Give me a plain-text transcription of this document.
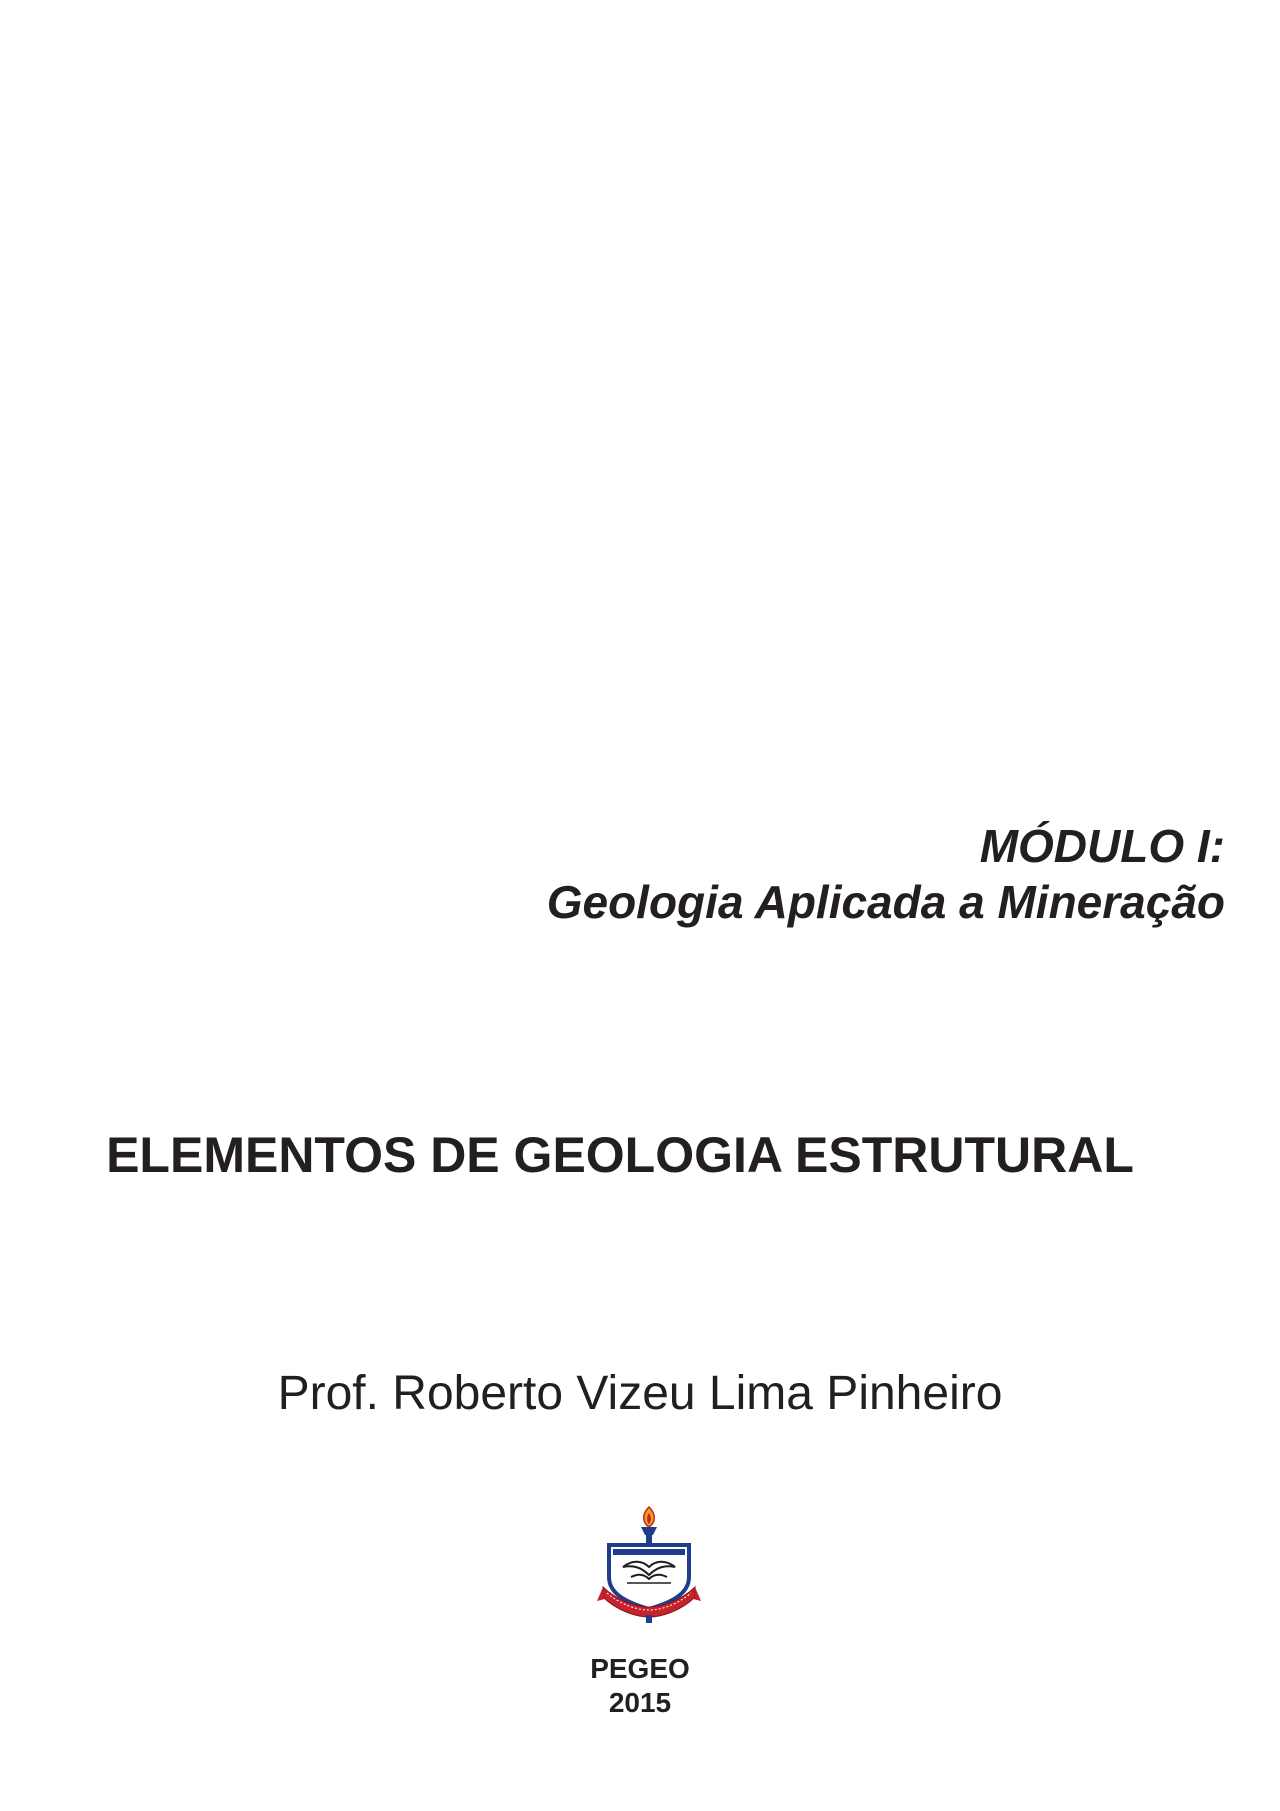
MÓDULO I:
Geologia Aplicada a Mineração
ELEMENTOS DE GEOLOGIA ESTRUTURAL
Prof. Roberto Vizeu Lima Pinheiro
PEGEO
2015
